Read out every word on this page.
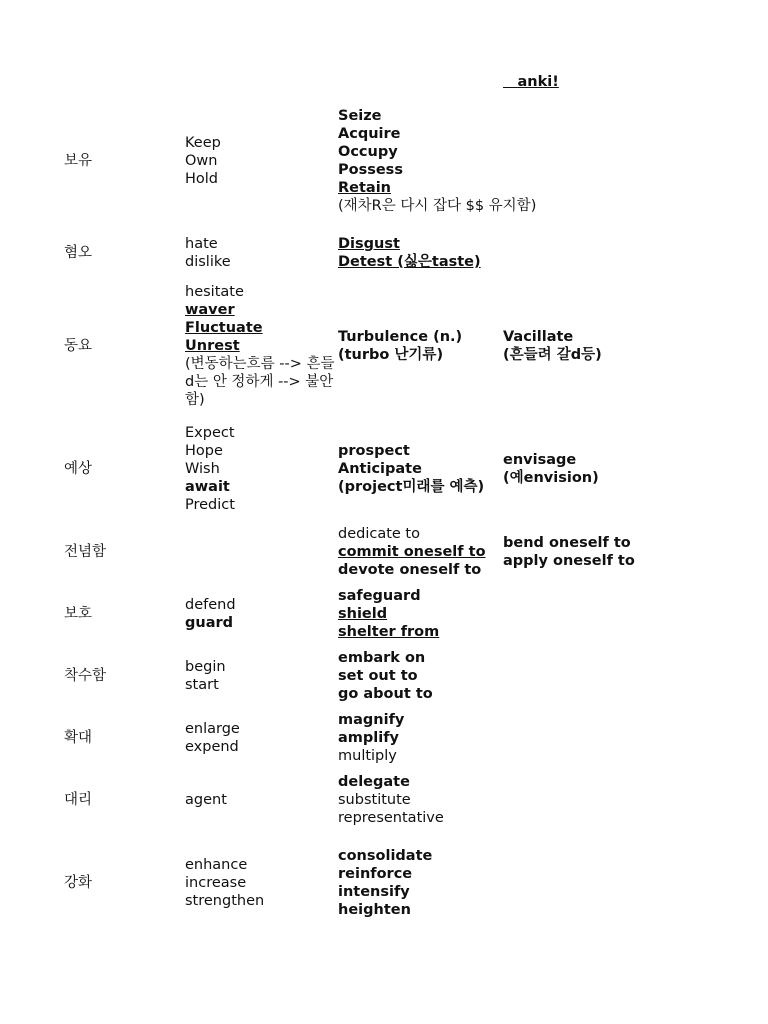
　anki!
보유
Keep
Own
Hold
Seize
Acquire
Occupy
Possess
Retain
(재차R은 다시 잡다 $$ 유지함)
혐오
hate
dislike
Disgust
Detest (싫은taste)
동요
hesitate
waver
Fluctuate
Unrest
(변동하는흐름 --> 흔들d는 안 정하게 --> 불안함)
Turbulence (n.)
(turbo 난기류)
Vacillate
(흔들려 갈d등)
예상
Expect
Hope
Wish
await
Predict
prospect
Anticipate
(project미래를 예측)
envisage
(예envision)
전념함
dedicate to
commit oneself to
devote oneself to
bend oneself to
apply oneself to
보호
defend
guard
safeguard
shield
shelter from
착수함
begin
start
embark on
set out to
go about to
확대
enlarge
expend
magnify
amplify
multiply
대리	agent
delegate
substitute
representative
강화
enhance
increase
strengthen
consolidate
reinforce
intensify
heighten
